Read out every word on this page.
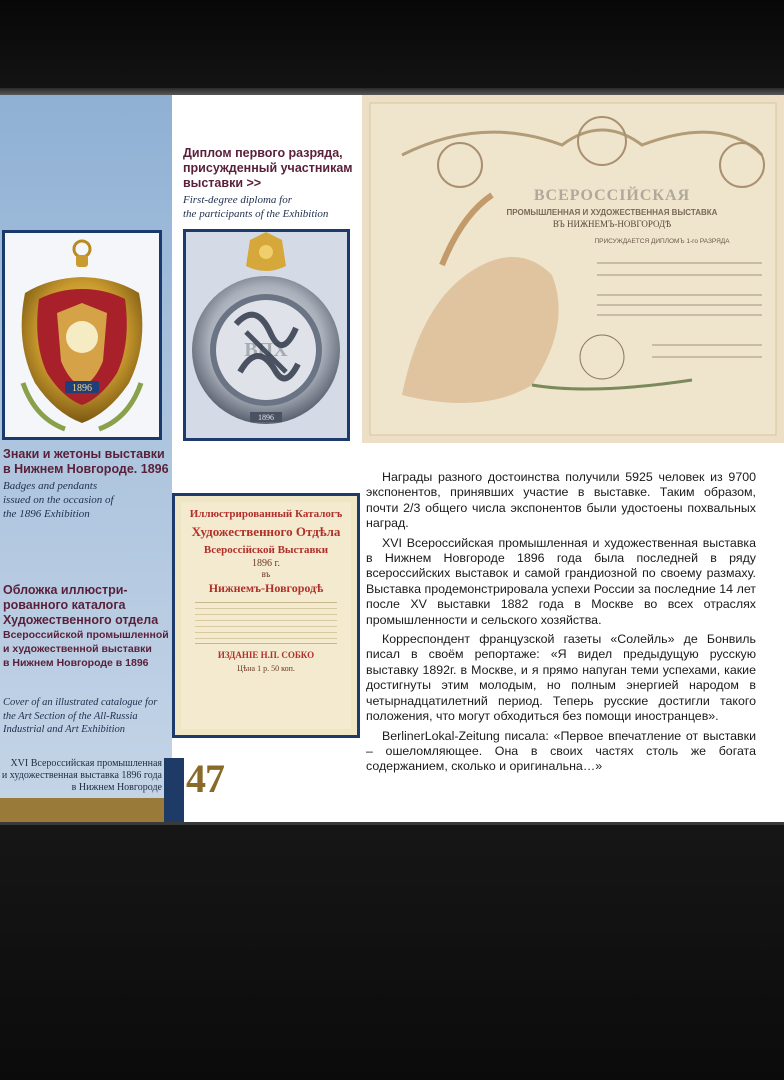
1896
Знаки и жетоны выставки
в Нижнем Новгороде. 1896
Badges and pendants
issued on the occasion of
the 1896 Exhibition
Обложка иллюстри-
рованного каталога
Художественного отдела
Всероссийской промышленной
и художественной выставки
в Нижнем Новгороде в 1896
Cover of an illustrated catalogue for
the Art Section of the All-Russia
Industrial and Art Exhibition
Диплом первого разряда,
присужденный участникам
выставки >>
First-degree diploma for
the participants of the Exhibition
ВПХ
1896
Иллюстрированный Каталогъ
Художественного Отдѣла
Всероссійской Выставки
1896 г.
въ
Нижнемъ-Новгородѣ
ИЗДАНІЕ Н.П. СОБКО
Цѣна 1 р. 50 коп.
ВСЕРОССІЙСКАЯ
ПРОМЫШЛЕННАЯ И ХУДОЖЕСТВЕННАЯ ВЫСТАВКА
ВЪ НИЖНЕМЪ-НОВГОРОДѢ
ПРИСУЖДАЕТСЯ ДИПЛОМЪ 1-го РАЗРЯДА

Награды разного достоинства получили 5925 человек из 9700 экспонентов, принявших участие в выставке. Таким образом, почти 2/3 общего числа экспонентов были удостоены похвальных наград.

XVI Всероссийская промышленная и художественная выставка в Нижнем Новгороде 1896 года была последней в ряду всероссийских выставок и самой грандиозной по своему размаху. Выставка продемонстрировала успехи России за последние 14 лет после XV выставки 1882 года в Москве во всех отраслях промышленности и сельского хозяйства.

Корреспондент французской газеты «Солейль» де Бонвиль писал в своём репортаже: «Я видел предыдущую русскую выставку 1892г. в Москве, и я прямо напуган теми успехами, какие достигнуты этим молодым, но полным энергией народом в четырнадцатилетний период. Теперь русские достигли такого положения, что могут обходиться без помощи иностранцев».

BerlinerLokal-Zeitung писала: «Первое впечатление от выставки – ошеломляющее. Она в своих частях столь же богата содержанием, сколько и оригинальна…»

XVI Всероссийская промышленная
и художественная выставка 1896 года
в Нижнем Новгороде 47
